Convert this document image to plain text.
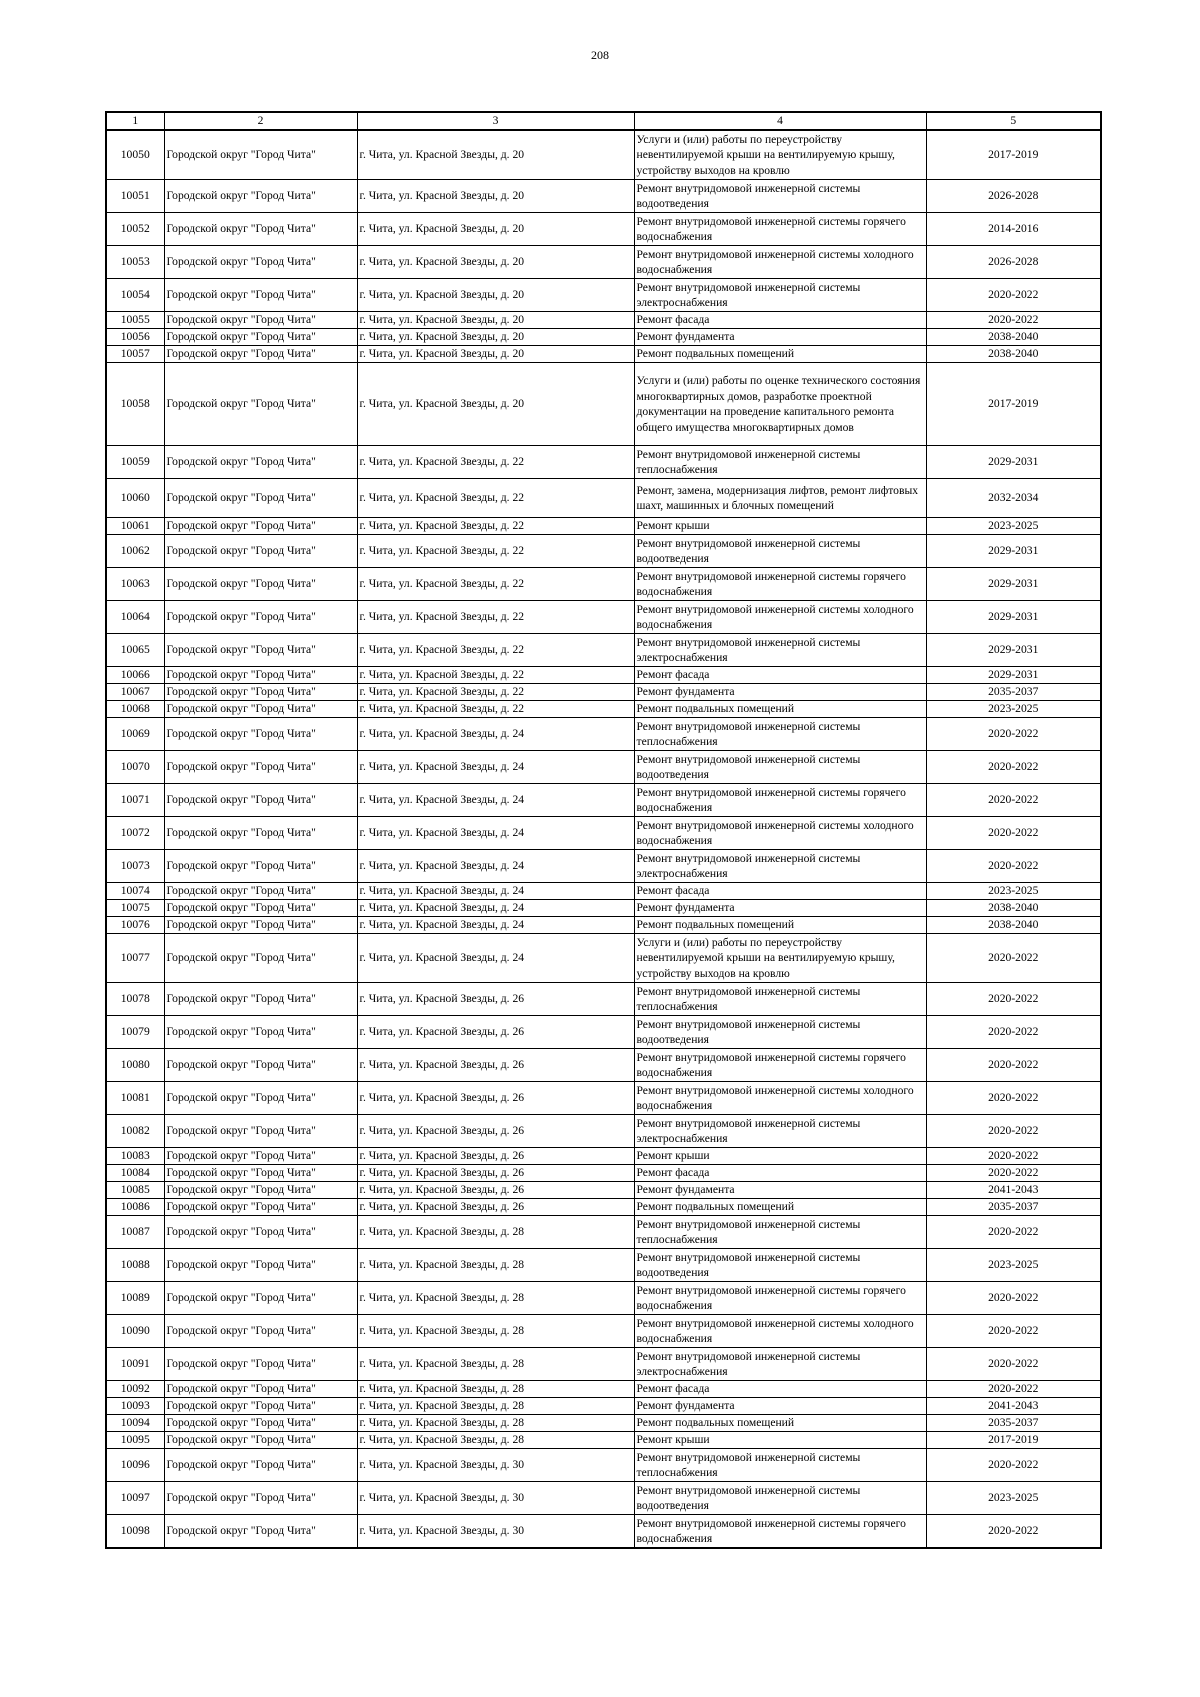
208
1	2	3	4	5
10050	Городской округ "Город Чита"	г. Чита, ул. Красной Звезды, д. 20	Услуги и (или) работы по переустройству невентилируемой крыши на вентилируемую крышу, устройству выходов на кровлю	2017-2019
10051	Городской округ "Город Чита"	г. Чита, ул. Красной Звезды, д. 20	Ремонт внутридомовой инженерной системы водоотведения	2026-2028
10052	Городской округ "Город Чита"	г. Чита, ул. Красной Звезды, д. 20	Ремонт внутридомовой инженерной системы горячего водоснабжения	2014-2016
10053	Городской округ "Город Чита"	г. Чита, ул. Красной Звезды, д. 20	Ремонт внутридомовой инженерной системы холодного водоснабжения	2026-2028
10054	Городской округ "Город Чита"	г. Чита, ул. Красной Звезды, д. 20	Ремонт внутридомовой инженерной системы электроснабжения	2020-2022
10055	Городской округ "Город Чита"	г. Чита, ул. Красной Звезды, д. 20	Ремонт фасада	2020-2022
10056	Городской округ "Город Чита"	г. Чита, ул. Красной Звезды, д. 20	Ремонт фундамента	2038-2040
10057	Городской округ "Город Чита"	г. Чита, ул. Красной Звезды, д. 20	Ремонт подвальных помещений	2038-2040
10058	Городской округ "Город Чита"	г. Чита, ул. Красной Звезды, д. 20	Услуги и (или) работы по оценке технического состояния многоквартирных домов, разработке проектной документации на проведение капитального ремонта общего имущества многоквартирных домов	2017-2019
10059	Городской округ "Город Чита"	г. Чита, ул. Красной Звезды, д. 22	Ремонт внутридомовой инженерной системы теплоснабжения	2029-2031
10060	Городской округ "Город Чита"	г. Чита, ул. Красной Звезды, д. 22	Ремонт, замена, модернизация лифтов, ремонт лифтовых шахт, машинных и блочных помещений	2032-2034
10061	Городской округ "Город Чита"	г. Чита, ул. Красной Звезды, д. 22	Ремонт крыши	2023-2025
10062	Городской округ "Город Чита"	г. Чита, ул. Красной Звезды, д. 22	Ремонт внутридомовой инженерной системы водоотведения	2029-2031
10063	Городской округ "Город Чита"	г. Чита, ул. Красной Звезды, д. 22	Ремонт внутридомовой инженерной системы горячего водоснабжения	2029-2031
10064	Городской округ "Город Чита"	г. Чита, ул. Красной Звезды, д. 22	Ремонт внутридомовой инженерной системы холодного водоснабжения	2029-2031
10065	Городской округ "Город Чита"	г. Чита, ул. Красной Звезды, д. 22	Ремонт внутридомовой инженерной системы электроснабжения	2029-2031
10066	Городской округ "Город Чита"	г. Чита, ул. Красной Звезды, д. 22	Ремонт фасада	2029-2031
10067	Городской округ "Город Чита"	г. Чита, ул. Красной Звезды, д. 22	Ремонт фундамента	2035-2037
10068	Городской округ "Город Чита"	г. Чита, ул. Красной Звезды, д. 22	Ремонт подвальных помещений	2023-2025
10069	Городской округ "Город Чита"	г. Чита, ул. Красной Звезды, д. 24	Ремонт внутридомовой инженерной системы теплоснабжения	2020-2022
10070	Городской округ "Город Чита"	г. Чита, ул. Красной Звезды, д. 24	Ремонт внутридомовой инженерной системы водоотведения	2020-2022
10071	Городской округ "Город Чита"	г. Чита, ул. Красной Звезды, д. 24	Ремонт внутридомовой инженерной системы горячего водоснабжения	2020-2022
10072	Городской округ "Город Чита"	г. Чита, ул. Красной Звезды, д. 24	Ремонт внутридомовой инженерной системы холодного водоснабжения	2020-2022
10073	Городской округ "Город Чита"	г. Чита, ул. Красной Звезды, д. 24	Ремонт внутридомовой инженерной системы электроснабжения	2020-2022
10074	Городской округ "Город Чита"	г. Чита, ул. Красной Звезды, д. 24	Ремонт фасада	2023-2025
10075	Городской округ "Город Чита"	г. Чита, ул. Красной Звезды, д. 24	Ремонт фундамента	2038-2040
10076	Городской округ "Город Чита"	г. Чита, ул. Красной Звезды, д. 24	Ремонт подвальных помещений	2038-2040
10077	Городской округ "Город Чита"	г. Чита, ул. Красной Звезды, д. 24	Услуги и (или) работы по переустройству невентилируемой крыши на вентилируемую крышу, устройству выходов на кровлю	2020-2022
10078	Городской округ "Город Чита"	г. Чита, ул. Красной Звезды, д. 26	Ремонт внутридомовой инженерной системы теплоснабжения	2020-2022
10079	Городской округ "Город Чита"	г. Чита, ул. Красной Звезды, д. 26	Ремонт внутридомовой инженерной системы водоотведения	2020-2022
10080	Городской округ "Город Чита"	г. Чита, ул. Красной Звезды, д. 26	Ремонт внутридомовой инженерной системы горячего водоснабжения	2020-2022
10081	Городской округ "Город Чита"	г. Чита, ул. Красной Звезды, д. 26	Ремонт внутридомовой инженерной системы холодного водоснабжения	2020-2022
10082	Городской округ "Город Чита"	г. Чита, ул. Красной Звезды, д. 26	Ремонт внутридомовой инженерной системы электроснабжения	2020-2022
10083	Городской округ "Город Чита"	г. Чита, ул. Красной Звезды, д. 26	Ремонт крыши	2020-2022
10084	Городской округ "Город Чита"	г. Чита, ул. Красной Звезды, д. 26	Ремонт фасада	2020-2022
10085	Городской округ "Город Чита"	г. Чита, ул. Красной Звезды, д. 26	Ремонт фундамента	2041-2043
10086	Городской округ "Город Чита"	г. Чита, ул. Красной Звезды, д. 26	Ремонт подвальных помещений	2035-2037
10087	Городской округ "Город Чита"	г. Чита, ул. Красной Звезды, д. 28	Ремонт внутридомовой инженерной системы теплоснабжения	2020-2022
10088	Городской округ "Город Чита"	г. Чита, ул. Красной Звезды, д. 28	Ремонт внутридомовой инженерной системы водоотведения	2023-2025
10089	Городской округ "Город Чита"	г. Чита, ул. Красной Звезды, д. 28	Ремонт внутридомовой инженерной системы горячего водоснабжения	2020-2022
10090	Городской округ "Город Чита"	г. Чита, ул. Красной Звезды, д. 28	Ремонт внутридомовой инженерной системы холодного водоснабжения	2020-2022
10091	Городской округ "Город Чита"	г. Чита, ул. Красной Звезды, д. 28	Ремонт внутридомовой инженерной системы электроснабжения	2020-2022
10092	Городской округ "Город Чита"	г. Чита, ул. Красной Звезды, д. 28	Ремонт фасада	2020-2022
10093	Городской округ "Город Чита"	г. Чита, ул. Красной Звезды, д. 28	Ремонт фундамента	2041-2043
10094	Городской округ "Город Чита"	г. Чита, ул. Красной Звезды, д. 28	Ремонт подвальных помещений	2035-2037
10095	Городской округ "Город Чита"	г. Чита, ул. Красной Звезды, д. 28	Ремонт крыши	2017-2019
10096	Городской округ "Город Чита"	г. Чита, ул. Красной Звезды, д. 30	Ремонт внутридомовой инженерной системы теплоснабжения	2020-2022
10097	Городской округ "Город Чита"	г. Чита, ул. Красной Звезды, д. 30	Ремонт внутридомовой инженерной системы водоотведения	2023-2025
10098	Городской округ "Город Чита"	г. Чита, ул. Красной Звезды, д. 30	Ремонт внутридомовой инженерной системы горячего водоснабжения	2020-2022
